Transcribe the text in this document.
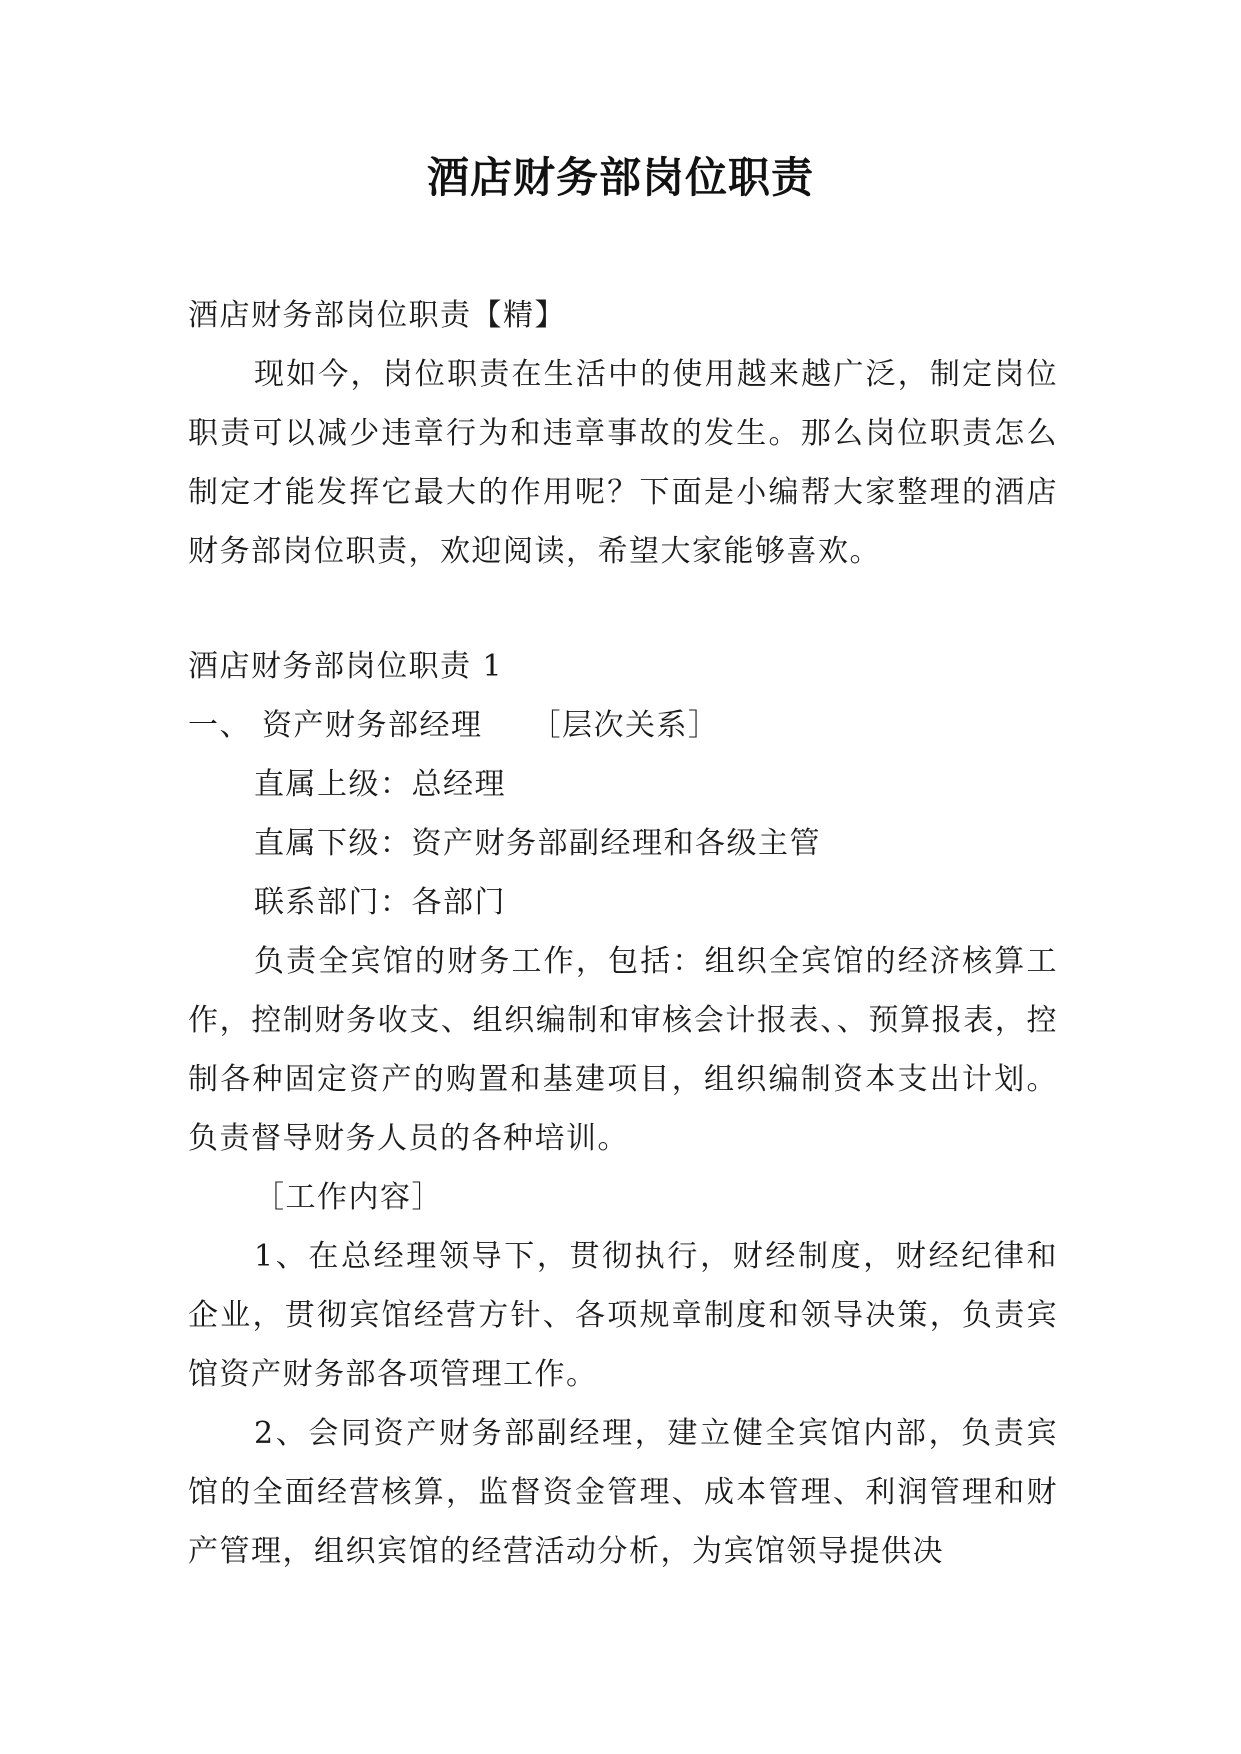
酒店财务部岗位职责

酒店财务部岗位职责【精】

现如今，岗位职责在生活中的使用越来越广泛，制定岗位职责可以减少违章行为和违章事故的发生。那么岗位职责怎么制定才能发挥它最大的作用呢？下面是小编帮大家整理的酒店财务部岗位职责，欢迎阅读，希望大家能够喜欢。

酒店财务部岗位职责 1

一、 资产财务部经理　　［层次关系］

直属上级：总经理

直属下级：资产财务部副经理和各级主管

联系部门：各部门

负责全宾馆的财务工作，包括：组织全宾馆的经济核算工作，控制财务收支、组织编制和审核会计报表、、预算报表，控制各种固定资产的购置和基建项目，组织编制资本支出计划。负责督导财务人员的各种培训。

［工作内容］

1、在总经理领导下，贯彻执行，财经制度，财经纪律和企业，贯彻宾馆经营方针、各项规章制度和领导决策，负责宾馆资产财务部各项管理工作。

2、会同资产财务部副经理，建立健全宾馆内部，负责宾馆的全面经营核算，监督资金管理、成本管理、利润管理和财产管理，组织宾馆的经营活动分析，为宾馆领导提供决
